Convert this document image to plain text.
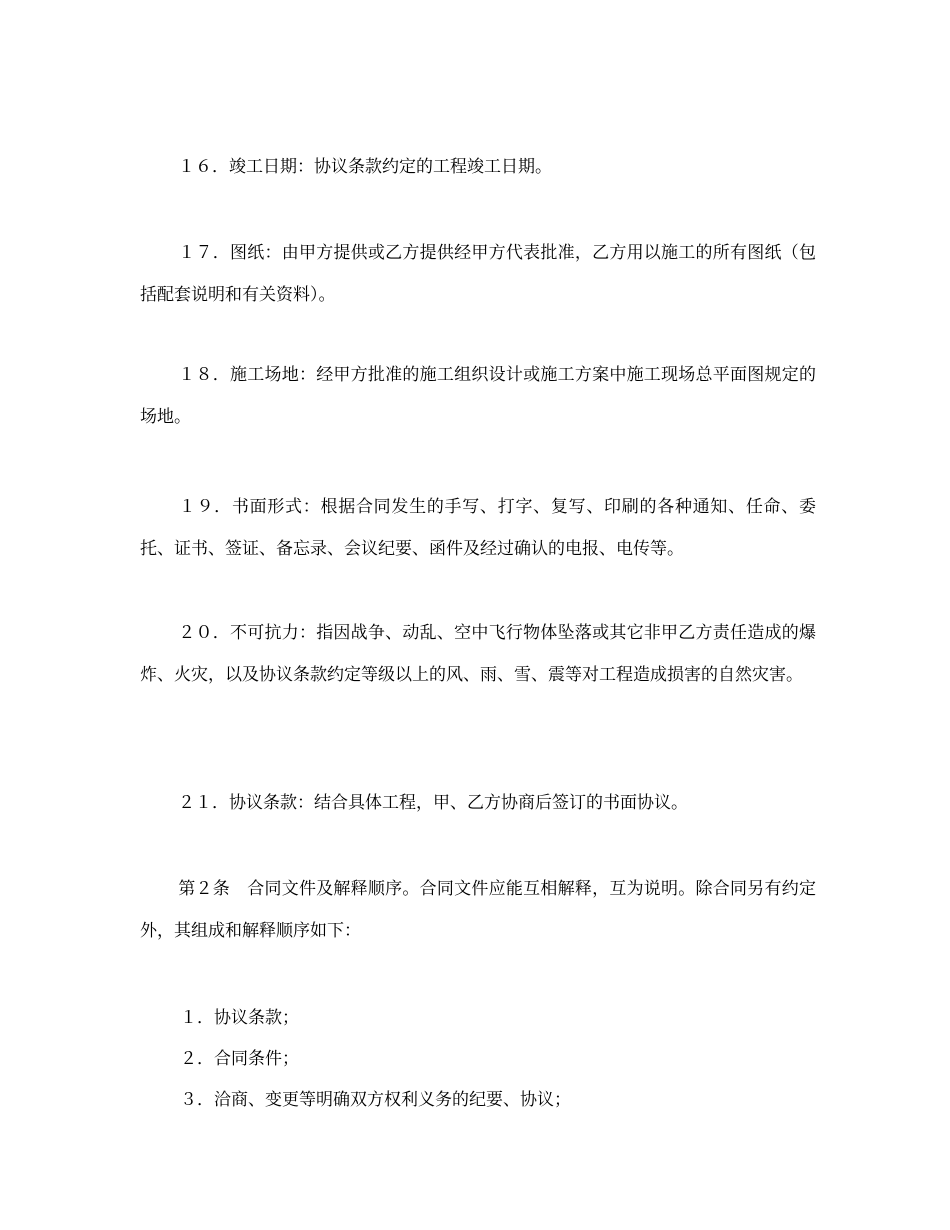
１６．竣工日期：协议条款约定的工程竣工日期。

１７．图纸：由甲方提供或乙方提供经甲方代表批准，乙方用以施工的所有图纸（包括配套说明和有关资料）。

１８．施工场地：经甲方批准的施工组织设计或施工方案中施工现场总平面图规定的场地。

１９．书面形式：根据合同发生的手写、打字、复写、印刷的各种通知、任命、委托、证书、签证、备忘录、会议纪要、函件及经过确认的电报、电传等。

２０．不可抗力：指因战争、动乱、空中飞行物体坠落或其它非甲乙方责任造成的爆炸、火灾，以及协议条款约定等级以上的风、雨、雪、震等对工程造成损害的自然灾害。

２１．协议条款：结合具体工程，甲、乙方协商后签订的书面协议。

第２条　合同文件及解释顺序。合同文件应能互相解释，互为说明。除合同另有约定外，其组成和解释顺序如下：

１．协议条款；

２．合同条件；

３．洽商、变更等明确双方权利义务的纪要、协议；
